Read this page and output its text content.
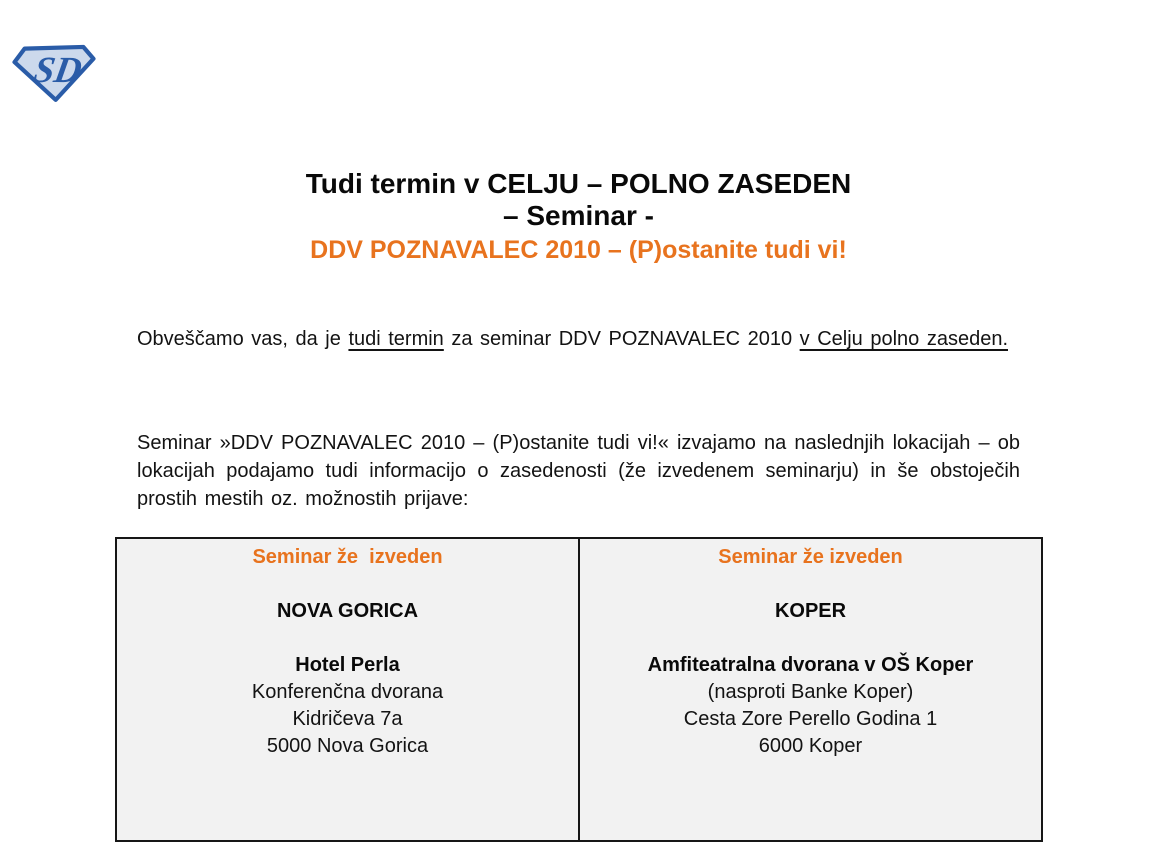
SD
Tudi termin v CELJU – POLNO ZASEDEN
– Seminar -
DDV POZNAVALEC 2010 – (P)ostanite tudi vi!

Obveščamo vas, da je tudi termin za seminar DDV POZNAVALEC 2010 v Celju polno zaseden.

Seminar »DDV POZNAVALEC 2010 – (P)ostanite tudi vi!« izvajamo na naslednjih lokacijah – ob lokacijah podajamo tudi informacijo o zasedenosti (že izvedenem seminarju) in še obstoječih prostih mestih oz. možnostih prijave:

Seminar že  izveden
NOVA GORICA
Hotel Perla
Konferenčna dvorana
Kidričeva 7a
5000 Nova Gorica

Seminar že izveden
KOPER
Amfiteatralna dvorana v OŠ Koper
(nasproti Banke Koper)
Cesta Zore Perello Godina 1
6000 Koper
